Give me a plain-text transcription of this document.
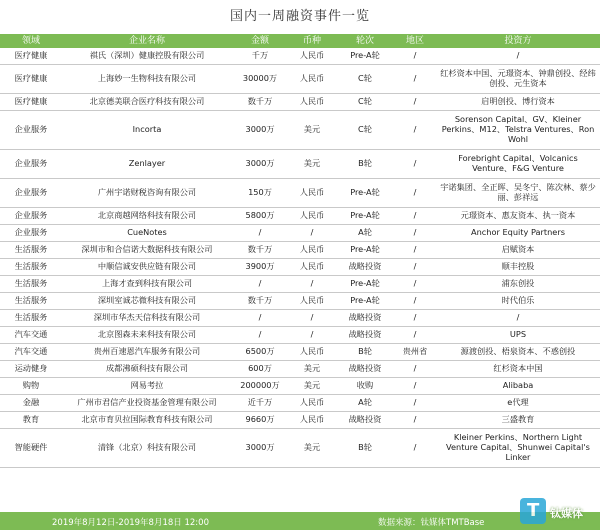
国内一周融资事件一览
领域	企业名称	金额	币种	轮次	地区	投资方
医疗健康	祺氏（深圳）健康控股有限公司	千万	人民币	Pre-A轮	/	/
医疗健康	上海妙一生物科技有限公司	30000万	人民币	C轮	/	红杉资本中国、元璟资本、钟鼎创投、经纬创投、元生资本
医疗健康	北京德美联合医疗科技有限公司	数千万	人民币	C轮	/	启明创投、博行资本
企业服务	Incorta	3000万	美元	C轮	/	Sorenson Capital、GV、Kleiner Perkins、M12、Telstra Ventures、Ron Wohl
企业服务	Zenlayer	3000万	美元	B轮	/	Forebright Capital、Volcanics Venture、F&G Venture
企业服务	广州宇诺财税咨询有限公司	150万	人民币	Pre-A轮	/	宇诺集团、全正晖、吴冬宁、陈次林、蔡少丽、彭祥远
企业服务	北京商越网络科技有限公司	5800万	人民币	Pre-A轮	/	元璟资本、惠友资本、执一资本
企业服务	CueNotes	/	/	A轮	/	Anchor Equity Partners
生活服务	深圳市和合信诺大数据科技有限公司	数千万	人民币	Pre-A轮	/	启赋资本
生活服务	中顺信诚安供应链有限公司	3900万	人民币	战略投资	/	顺丰控股
生活服务	上海才查到科技有限公司	/	/	Pre-A轮	/	浦东创投
生活服务	深圳室诚芯微科技有限公司	数千万	人民币	Pre-A轮	/	时代伯乐
生活服务	深圳市华杰天信科技有限公司	/	/	战略投资	/	/
汽车交通	北京图森未来科技有限公司	/	/	战略投资	/	UPS
汽车交通	贵州百速恩汽车服务有限公司	6500万	人民币	B轮	贵州省	源渡创投、梧泉资本、不惑创投
运动健身	成都沸硕科技有限公司	600万	美元	战略投资	/	红杉资本中国
购物	网易考拉	200000万	美元	收购	/	Alibaba
金融	广州市君信产业投资基金管理有限公司	近千万	人民币	A轮	/	e代理
教育	北京市育贝拉国际教育科技有限公司	9660万	人民币	战略投资	/	三盛教育
智能硬件	清锋（北京）科技有限公司	3000万	美元	B轮	/	Kleiner Perkins、Northern Light Venture Capital、Shunwei Capital's Linker
2019年8月12日-2019年8月18日 12:00	数据来源：钛媒体TMTBase
T 钛媒体
